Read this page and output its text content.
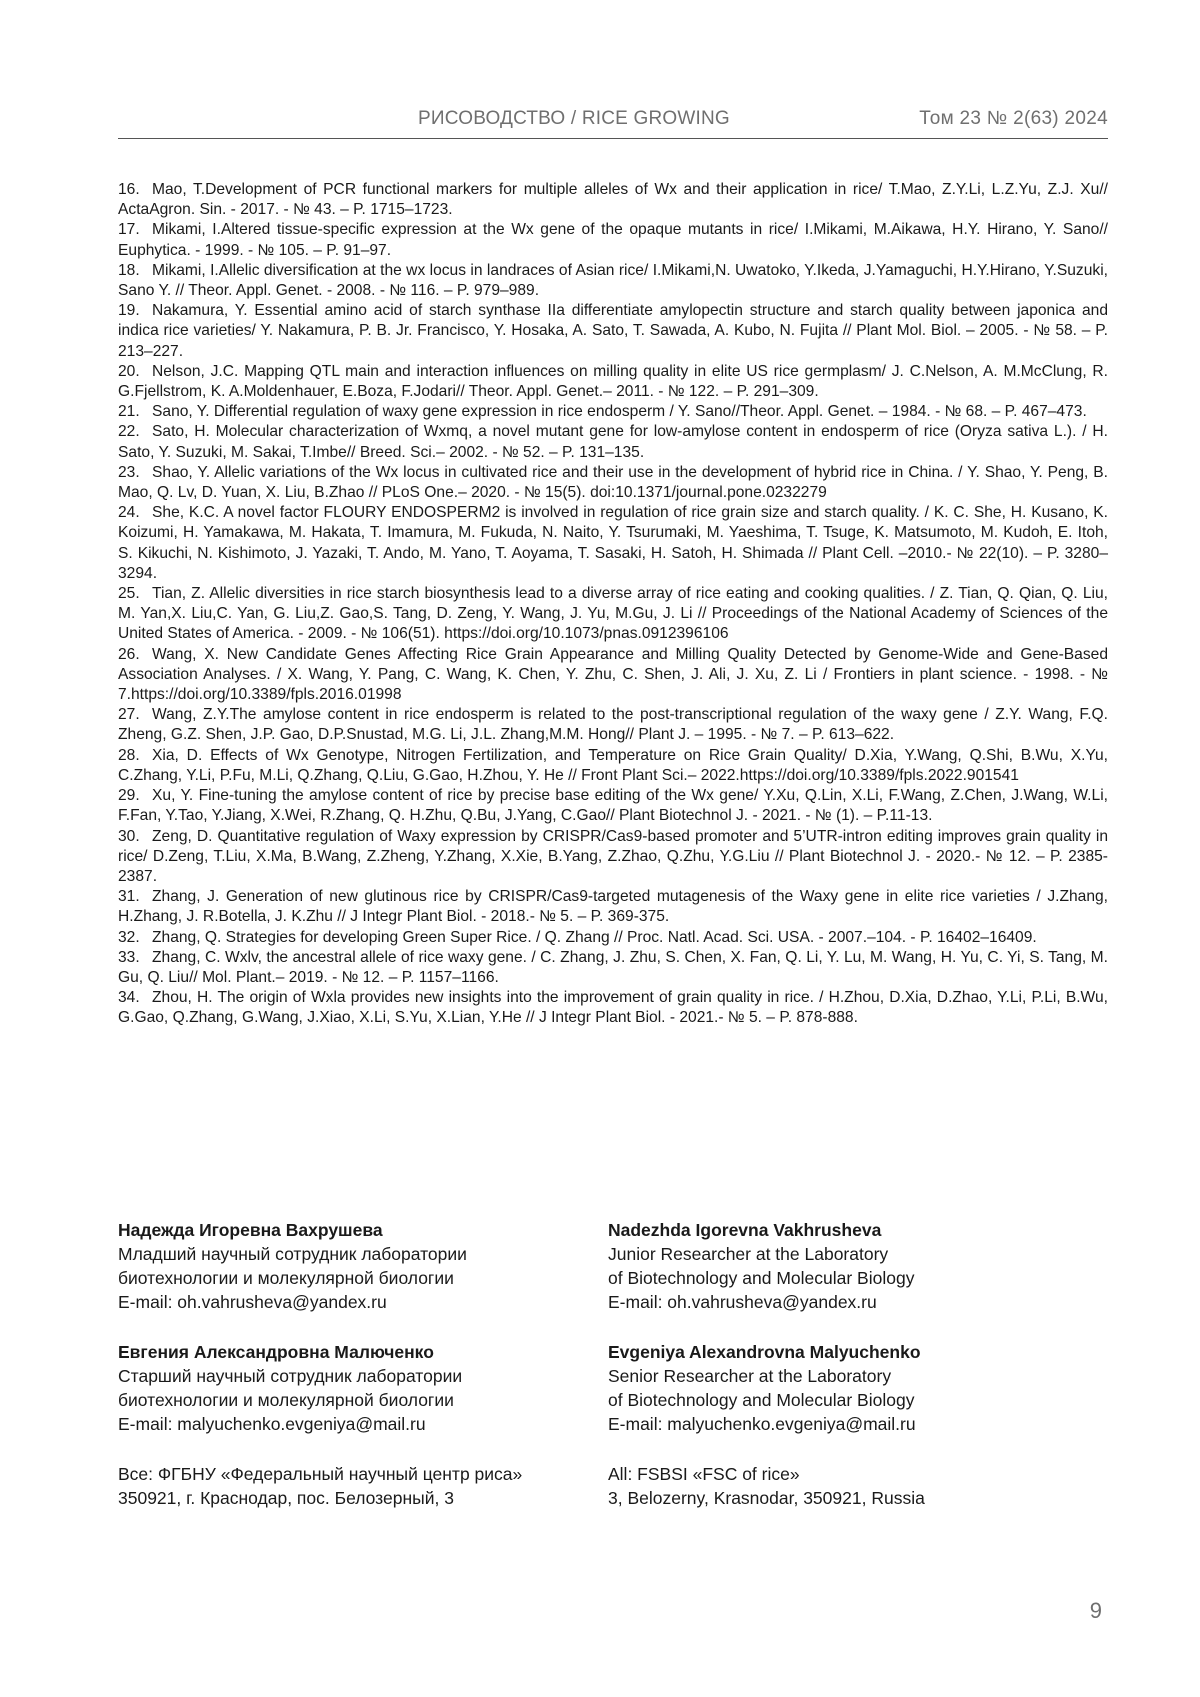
РИСОВОДСТВО / RICE GROWING	Том 23 № 2(63) 2024

16. Mao, T.Development of PCR functional markers for multiple alleles of Wx and their application in rice/ T.Mao, Z.Y.Li, L.Z.Yu, Z.J. Xu// ActaAgron. Sin. - 2017. - № 43. – P. 1715–1723.

17. Mikami, I.Altered tissue-specific expression at the Wx gene of the opaque mutants in rice/ I.Mikami, M.Aikawa, H.Y. Hirano, Y. Sano// Euphytica. - 1999. - № 105. – P. 91–97.

18. Mikami, I.Allelic diversification at the wx locus in landraces of Asian rice/ I.Mikami,N. Uwatoko, Y.Ikeda, J.Yamaguchi, H.Y.Hirano, Y.Suzuki, Sano Y. // Theor. Appl. Genet. - 2008. - № 116. – P. 979–989.

19. Nakamura, Y. Essential amino acid of starch synthase IIa differentiate amylopectin structure and starch quality between japonica and indica rice varieties/ Y. Nakamura, P. B. Jr. Francisco, Y. Hosaka, A. Sato, T. Sawada, A. Kubo, N. Fujita // Plant Mol. Biol. – 2005. - № 58. – P. 213–227.

20. Nelson, J.C. Mapping QTL main and interaction influences on milling quality in elite US rice germplasm/ J. C.Nelson, A. M.McClung, R. G.Fjellstrom, K. A.Moldenhauer, E.Boza, F.Jodari// Theor. Appl. Genet.– 2011. - № 122. – P. 291–309.

21. Sano, Y. Differential regulation of waxy gene expression in rice endosperm / Y. Sano//Theor. Appl. Genet. – 1984. - № 68. – P. 467–473.

22. Sato, H. Molecular characterization of Wxmq, a novel mutant gene for low-amylose content in endosperm of rice (Oryza sativa L.). / H. Sato, Y. Suzuki, M. Sakai, T.Imbe// Breed. Sci.– 2002. - № 52. – P. 131–135.

23. Shao, Y. Allelic variations of the Wx locus in cultivated rice and their use in the development of hybrid rice in China. / Y. Shao, Y. Peng, B. Mao, Q. Lv, D. Yuan, X. Liu, B.Zhao // PLoS One.– 2020. - № 15(5). doi:10.1371/journal.pone.0232279

24. She, K.C. A novel factor FLOURY ENDOSPERM2 is involved in regulation of rice grain size and starch quality. / K. C. She, H. Kusano, K. Koizumi, H. Yamakawa, M. Hakata, T. Imamura, M. Fukuda, N. Naito, Y. Tsurumaki, M. Yaeshima, T. Tsuge, K. Matsumoto, M. Kudoh, E. Itoh, S. Kikuchi, N. Kishimoto, J. Yazaki, T. Ando, M. Yano, T. Aoyama, T. Sasaki, H. Satoh, H. Shimada // Plant Cell. –2010.- № 22(10). – P. 3280–3294.

25. Tian, Z. Allelic diversities in rice starch biosynthesis lead to a diverse array of rice eating and cooking qualities. / Z. Tian, Q. Qian, Q. Liu, M. Yan,X. Liu,C. Yan, G. Liu,Z. Gao,S. Tang, D. Zeng, Y. Wang, J. Yu, M.Gu, J. Li // Proceedings of the National Academy of Sciences of the United States of America. - 2009. - № 106(51). https://doi.org/10.1073/pnas.0912396106

26. Wang, X. New Candidate Genes Affecting Rice Grain Appearance and Milling Quality Detected by Genome-Wide and Gene-Based Association Analyses. / X. Wang, Y. Pang, C. Wang, K. Chen, Y. Zhu, C. Shen, J. Ali, J. Xu, Z. Li / Frontiers in plant science. - 1998. - № 7.https://doi.org/10.3389/fpls.2016.01998

27. Wang, Z.Y.The amylose content in rice endosperm is related to the post-transcriptional regulation of the waxy gene / Z.Y. Wang, F.Q. Zheng, G.Z. Shen, J.P. Gao, D.P.Snustad, M.G. Li, J.L. Zhang,M.M. Hong// Plant J. – 1995. - № 7. – P. 613–622.

28. Xia, D. Effects of Wx Genotype, Nitrogen Fertilization, and Temperature on Rice Grain Quality/ D.Xia, Y.Wang, Q.Shi, B.Wu, X.Yu, C.Zhang, Y.Li, P.Fu, M.Li, Q.Zhang, Q.Liu, G.Gao, H.Zhou, Y. He // Front Plant Sci.– 2022.https://doi.org/10.3389/fpls.2022.901541

29. Xu, Y. Fine-tuning the amylose content of rice by precise base editing of the Wx gene/ Y.Xu, Q.Lin, X.Li, F.Wang, Z.Chen, J.Wang, W.Li, F.Fan, Y.Tao, Y.Jiang, X.Wei, R.Zhang, Q. H.Zhu, Q.Bu, J.Yang, C.Gao// Plant Biotechnol J. - 2021. - № (1). – P.11-13.

30. Zeng, D. Quantitative regulation of Waxy expression by CRISPR/Cas9-based promoter and 5’UTR-intron editing improves grain quality in rice/ D.Zeng, T.Liu, X.Ma, B.Wang, Z.Zheng, Y.Zhang, X.Xie, B.Yang, Z.Zhao, Q.Zhu, Y.G.Liu // Plant Biotechnol J. - 2020.- № 12. – P. 2385-2387.

31. Zhang, J. Generation of new glutinous rice by CRISPR/Cas9-targeted mutagenesis of the Waxy gene in elite rice varieties / J.Zhang, H.Zhang, J. R.Botella, J. K.Zhu // J Integr Plant Biol. - 2018.- № 5. – P. 369-375.

32. Zhang, Q. Strategies for developing Green Super Rice. / Q. Zhang // Proc. Natl. Acad. Sci. USA. - 2007.–104. - P. 16402–16409.

33. Zhang, C. Wxlv, the ancestral allele of rice waxy gene. / C. Zhang, J. Zhu, S. Chen, X. Fan, Q. Li, Y. Lu, M. Wang, H. Yu, C. Yi, S. Tang, M. Gu, Q. Liu// Mol. Plant.– 2019. - № 12. – P. 1157–1166.

34. Zhou, H. The origin of Wxla provides new insights into the improvement of grain quality in rice. / H.Zhou, D.Xia, D.Zhao, Y.Li, P.Li, B.Wu, G.Gao, Q.Zhang, G.Wang, J.Xiao, X.Li, S.Yu, X.Lian, Y.He // J Integr Plant Biol. - 2021.- № 5. – P. 878-888.

Надежда Игоревна Вахрушева
Младший научный сотрудник лаборатории
биотехнологии и молекулярной биологии
E-mail: oh.vahrusheva@yandex.ru
Nadezhda Igorevna Vakhrusheva
Junior Researcher at the Laboratory
of Biotechnology and Molecular Biology
E-mail: oh.vahrusheva@yandex.ru
Евгения Александровна Малюченко
Старший научный сотрудник лаборатории
биотехнологии и молекулярной биологии
E-mail: malyuchenko.evgeniya@mail.ru
Evgeniya Alexandrovna Malyuchenko
Senior Researcher at the Laboratory
of Biotechnology and Molecular Biology
E-mail: malyuchenko.evgeniya@mail.ru
Все: ФГБНУ «Федеральный научный центр риса»
350921, г. Краснодар, пос. Белозерный, 3
All: FSBSI «FSC of rice»
3, Belozerny, Krasnodar, 350921, Russia
9
